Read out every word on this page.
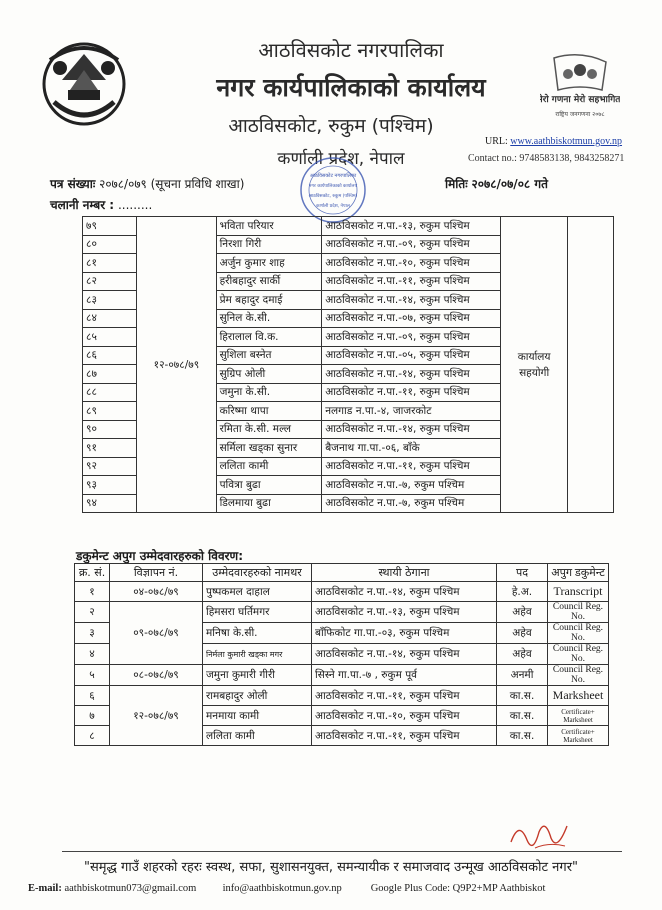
आठविसकोट नगरपालिका
नगर कार्यपालिकाको कार्यालय
आठविसकोट, रुकुम (पश्चिम)
कर्णाली प्रदेश, नेपाल
मेरो गणना मेरो सहभागिता
राष्ट्रिय जनगणना २०७८
URL: www.aathbiskotmun.gov.np
Contact no.: 9748583138, 9843258271
आठविसकोट नगरपालिका
नगर कार्यपालिकाको कार्यालय
आठविसकोट, रुकुम (पश्चिम)
कर्णाली प्रदेश, नेपाल
पत्र संख्याः २०७८/०७९ (सूचना प्रविधि शाखा)	मितिः २०७८/०७/०८ गते
चलानी नम्बर : .........
७९	१२-०७८/७९	भविता परियार	आठविसकोट न.पा.-१३, रुकुम पश्चिम	कार्यालय सहयोगी	
८०		निरशा गिरी	आठविसकोट न.पा.-०९, रुकुम पश्चिम		
८१		अर्जुन कुमार शाह	आठविसकोट न.पा.-१०, रुकुम पश्चिम		
८२		हरीबहादुर सार्की	आठविसकोट न.पा.-११, रुकुम पश्चिम		
८३		प्रेम बहादुर दमाई	आठविसकोट न.पा.-१४, रुकुम पश्चिम		
८४		सुनिल के.सी.	आठविसकोट न.पा.-०७, रुकुम पश्चिम		
८५		हिरालाल वि.क.	आठविसकोट न.पा.-०९, रुकुम पश्चिम		
८६		सुशिला बस्नेत	आठविसकोट न.पा.-०५, रुकुम पश्चिम		
८७		सुग्रिप ओली	आठविसकोट न.पा.-१४, रुकुम पश्चिम		
८८		जमुना के.सी.	आठविसकोट न.पा.-११, रुकुम पश्चिम		
८९		करिष्मा थापा	नलगाड न.पा.-४, जाजरकोट		
९०		रमिता के.सी. मल्ल	आठविसकोट न.पा.-१४, रुकुम पश्चिम		
९१		सर्मिला खड्का सुनार	बैजनाथ गा.पा.-०६, बाँके		
९२		ललिता कामी	आठविसकोट न.पा.-११, रुकुम पश्चिम		
९३		पवित्रा बुढा	आठविसकोट न.पा.-७, रुकुम पश्चिम		
९४		डिलमाया बुढा	आठविसकोट न.पा.-७, रुकुम पश्चिम		
डकुमेन्ट अपुग उम्मेदवारहरुको विवरण:
क्र. सं.	विज्ञापन नं.	उम्मेदवारहरुको नामथर	स्थायी ठेगाना	पद	अपुग डकुमेन्ट
१	०४-०७८/७९	पुष्पकमल दाहाल	आठविसकोट न.पा.-१४, रुकुम पश्चिम	हे.अ.	Transcript
२	०९-०७८/७९	हिमसरा घर्तिमगर	आठविसकोट न.पा.-१३, रुकुम पश्चिम	अहेव	Council Reg. No.
३		मनिषा के.सी.	बाँफिकोट गा.पा.-०३, रुकुम पश्चिम	अहेव	Council Reg. No.
४		निर्मला कुमारी खड्का मगर	आठविसकोट न.पा.-१४, रुकुम पश्चिम	अहेव	Council Reg. No.
५	०८-०७८/७९	जमुना कुमारी गीरी	सिस्ने गा.पा.-७ , रुकुम पूर्व	अनमी	Council Reg. No.
६	१२-०७८/७९	रामबहादुर ओली	आठविसकोट न.पा.-११, रुकुम पश्चिम	का.स.	Marksheet
७		मनमाया कामी	आठविसकोट न.पा.-१०, रुकुम पश्चिम	का.स.	Certificate+ Marksheet
८		ललिता कामी	आठविसकोट न.पा.-११, रुकुम पश्चिम	का.स.	Certificate+ Marksheet
"समृद्ध गाउँ शहरको रहरः स्वस्थ, सफा, सुशासनयुक्त, समन्यायीक र समाजवाद उन्मूख आठविसकोट नगर"
E-mail: aathbiskotmun073@gmail.com	info@aathbiskotmun.gov.np	Google Plus Code: Q9P2+MP Aathbiskot
